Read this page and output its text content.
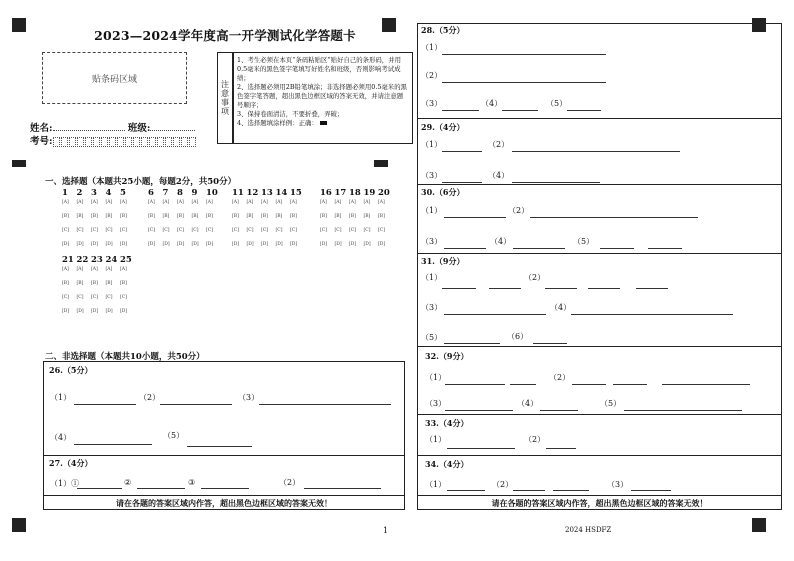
2023—2024学年度高一开学测试化学答题卡
贴条码区域	注
意
事
项
1、考生必须在本页“条码粘贴区”贴好自己的条形码，并用0.5毫米的黑色签字笔填写好姓名和班级，否则影响考试成绩；
2、选择题必须用2B铅笔填涂；非选择题必须用0.5毫米的黑色签字笔答题，超出黑色边框区域的答案无效，并请注意题号顺序；
3、保持卷面清洁，不要折叠，弄破；
4、选择题填涂样例：正确：
姓名:	班级:
考号:
一、选择题（本题共25小题，每题2分，共50分）
1 2 3 4 5	6 7 8 9 10	11 12 13 14 15	16 17 18 19 20
21 22 23 24 25
[A] [A] [A] [A] [A]
[B] [B] [B] [B] [B]
[C] [C] [C] [C] [C]
[D] [D] [D] [D] [D]
[A] [A] [A] [A] [A]
[B] [B] [B] [B] [B]
[C] [C] [C] [C] [C]
[D] [D] [D] [D] [D]
[A] [A] [A] [A] [A]
[B] [B] [B] [B] [B]
[C] [C] [C] [C] [C]
[D] [D] [D] [D] [D]
[A] [A] [A] [A] [A]
[B] [B] [B] [B] [B]
[C] [C] [C] [C] [C]
[D] [D] [D] [D] [D]
[A] [A] [A] [A] [A]
[B] [B] [B] [B] [B]
[C] [C] [C] [C] [C]
[D] [D] [D] [D] [D]
二、非选择题（本题共10小题，共50分）
26.（5分）
（1）	（2）	（3）
（4）	（5）
27.（4分）
（1）①	②	③	（2）
请在各题的答案区域内作答，超出黑色边框区域的答案无效！
28.（5分）
（1）
（2）
（3）	（4）	（5）
29.（4分）
（1）	（2）
（3）	（4）
30.（6分）
（1）	（2）
（3）	（4）	（5）
31.（9分）
（1）	（2）
（3）	（4）
（5）	（6）
32.（9分）
（1）	（2）
（3）	（4）	（5）
33.（4分）
（1）	（2）
34.（4分）
（1）	（2）	（3）
请在各题的答案区域内作答，超出黑色边框区域的答案无效！
1	2024 HSDFZ
